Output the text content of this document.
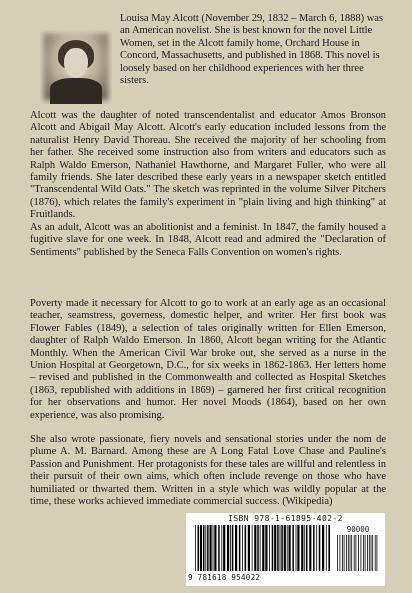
Louisa May Alcott (November 29, 1832 – March 6, 1888) was an American novelist. She is best known for the novel Little Women, set in the Alcott family home, Orchard House in Concord, Massachusetts, and published in 1868. This novel is loosely based on her childhood experiences with her three sisters.

Alcott was the daughter of noted transcendentalist and educator Amos Bronson Alcott and Abigail May Alcott. Alcott's early education included lessons from the naturalist Henry David Thoreau. She received the majority of her schooling from her father. She received some instruction also from writers and educators such as Ralph Waldo Emerson, Nathaniel Hawthorne, and Margaret Fuller, who were all family friends. She later described these early years in a newspaper sketch entitled "Transcendental Wild Oats." The sketch was reprinted in the volume Silver Pitchers (1876), which relates the family's experiment in "plain living and high thinking" at Fruitlands.

As an adult, Alcott was an abolitionist and a feminist. In 1847, the family housed a fugitive slave for one week. In 1848, Alcott read and admired the "Declaration of Sentiments" published by the Seneca Falls Convention on women's rights.

Poverty made it necessary for Alcott to go to work at an early age as an occasional teacher, seamstress, governess, domestic helper, and writer. Her first book was Flower Fables (1849), a selection of tales originally written for Ellen Emerson, daughter of Ralph Waldo Emerson. In 1860, Alcott began writing for the Atlantic Monthly. When the American Civil War broke out, she served as a nurse in the Union Hospital at Georgetown, D.C., for six weeks in 1862-1863. Her letters home – revised and published in the Commonwealth and collected as Hospital Sketches (1863, republished with additions in 1869) – garnered her first critical recognition for her observations and humor. Her novel Moods (1864), based on her own experience, was also promising.

She also wrote passionate, fiery novels and sensational stories under the nom de plume A. M. Barnard. Among these are A Long Fatal Love Chase and Pauline's Passion and Punishment. Her protagonists for these tales are willful and relentless in their pursuit of their own aims, which often include revenge on those who have humiliated or thwarted them. Written in a style which was wildly popular at the time, these works achieved immediate commercial success. (Wikipedia)

ISBN 978-1-61895-402-2
90000
9 781618 954022
